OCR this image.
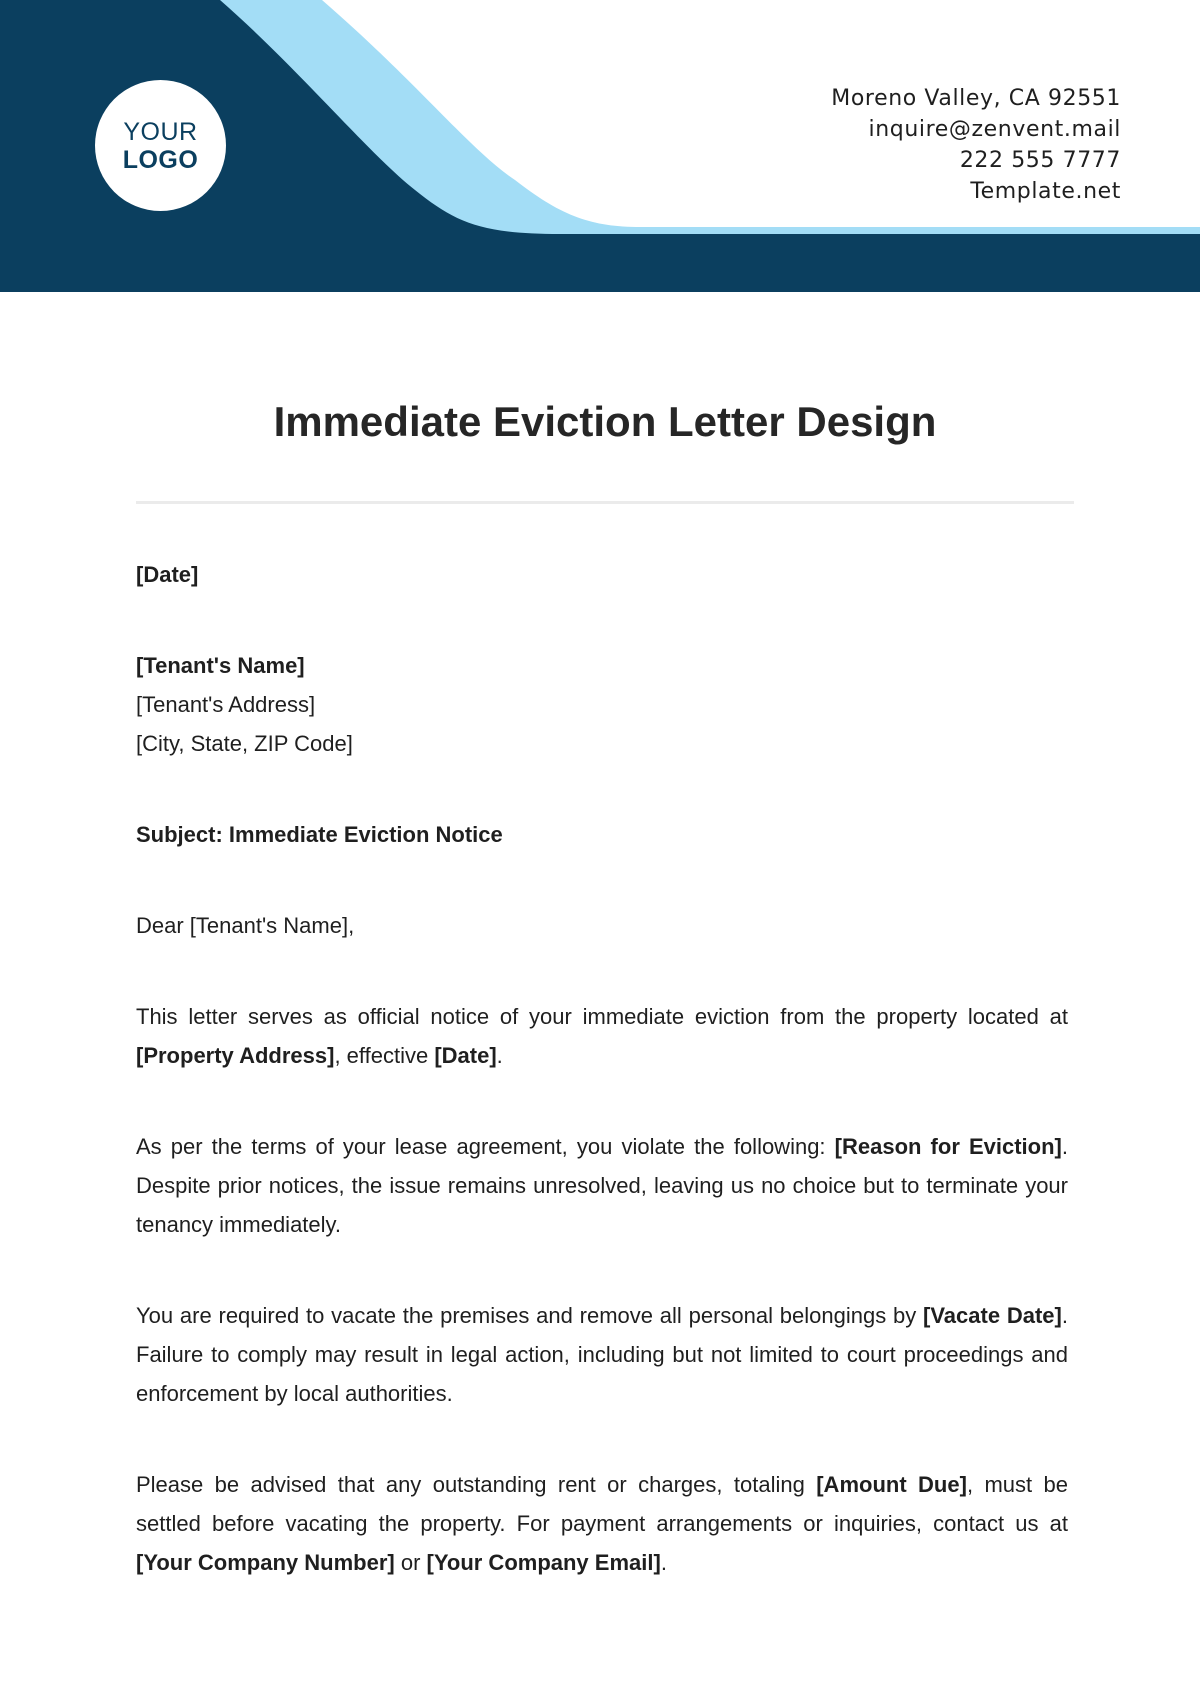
YOUR
LOGO
Moreno Valley, CA 92551
inquire@zenvent.mail
222 555 7777
Template.net
Immediate Eviction Letter Design
[Date]
[Tenant's Name]
[Tenant's Address]
[City, State, ZIP Code]
Subject: Immediate Eviction Notice
Dear [Tenant's Name],

This letter serves as official notice of your immediate eviction from the property located at [Property Address], effective [Date].

As per the terms of your lease agreement, you violate the following: [Reason for Eviction]. Despite prior notices, the issue remains unresolved, leaving us no choice but to terminate your tenancy immediately.

You are required to vacate the premises and remove all personal belongings by [Vacate Date]. Failure to comply may result in legal action, including but not limited to court proceedings and enforcement by local authorities.

Please be advised that any outstanding rent or charges, totaling [Amount Due], must be settled before vacating the property. For payment arrangements or inquiries, contact us at [Your Company Number] or [Your Company Email].
